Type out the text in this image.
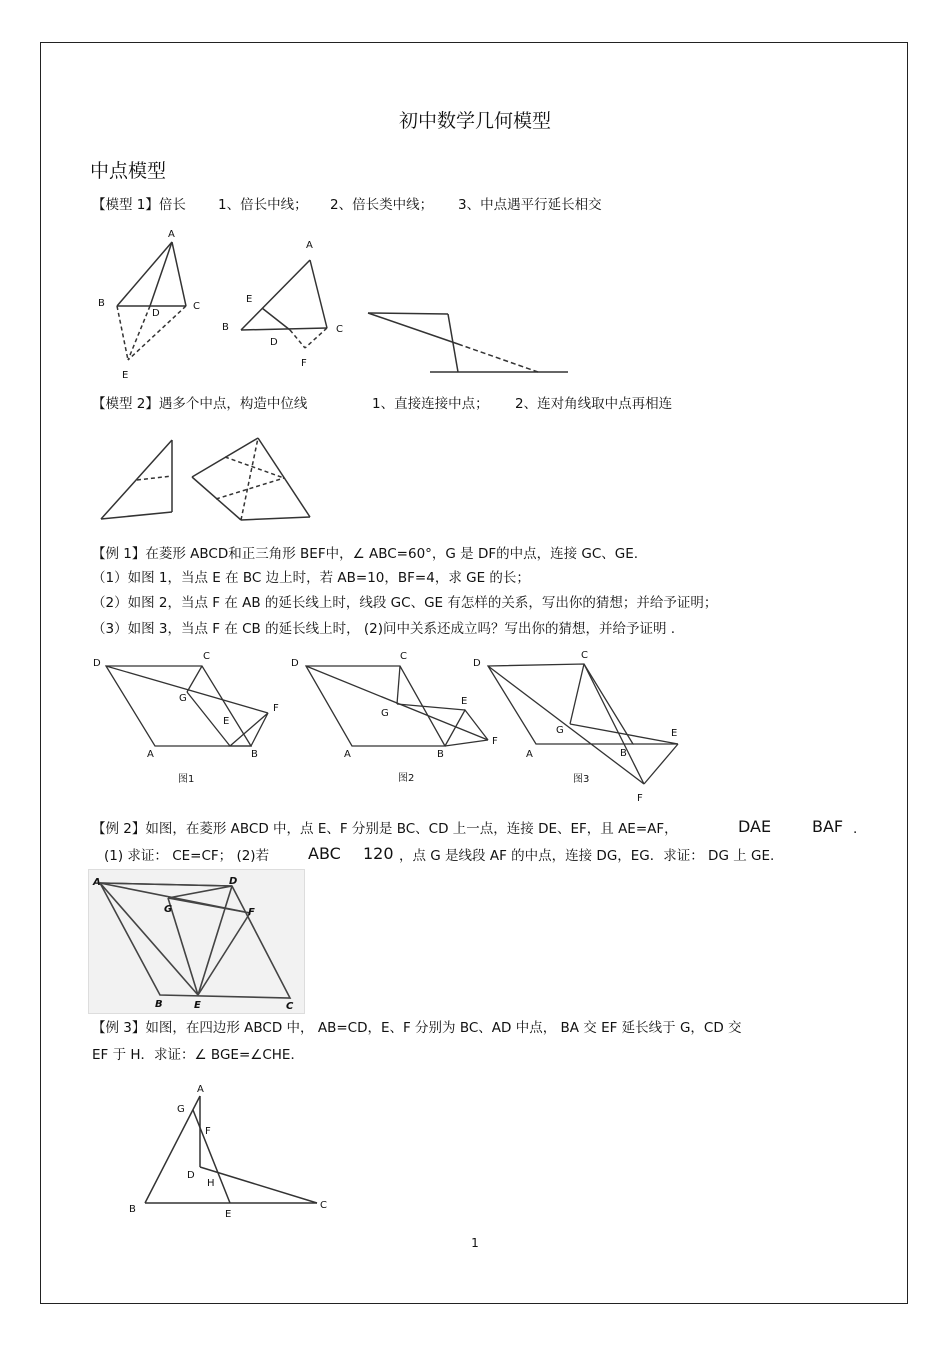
初中数学几何模型
中点模型
【模型 1】倍长 1、倍长中线； 2、倍长类中线； 3、中点遇平行延长相交
A
B	C
D
E
A
E
B	C
D
F
【模型 2】遇多个中点，构造中位线	1、直接连接中点； 2、连对角线取中点再相连
【例 1】在菱形 ABCD和正三角形 BEF中，∠ ABC=60°，G 是 DF的中点，连接 GC、GE.
（1）如图 1，当点 E 在 BC 边上时，若 AB=10，BF=4，求 GE 的长；
（2）如图 2，当点 F 在 AB 的延长线上时，线段 GC、GE 有怎样的关系，写出你的猜想；并给予证明；
（3）如图 3，当点 F 在 CB 的延长线上时， (2)问中关系还成立吗？写出你的猜想，并给予证明 .
D
C
G
E
F
A	B
图1
D
C
G
E
F
A	B
图2
D
C
G	E
B
A
F
图3
【例 2】如图，在菱形 ABCD 中，点 E、F 分别是 BC、CD 上一点，连接 DE、EF，且 AE=AF，	DAE	BAF .
(1) 求证： CE=CF； (2)若 ABC 120 ，点 G 是线段 AF 的中点，连接 DG，EG．求证： DG 上 GE.
A	D
G	F
B	E	C
【例 3】如图，在四边形 ABCD 中， AB=CD，E、F 分别为 BC、AD 中点， BA 交 EF 延长线于 G，CD 交
EF 于 H．求证：∠ BGE=∠CHE．
A
G
F
D
H
B	E
C
1
